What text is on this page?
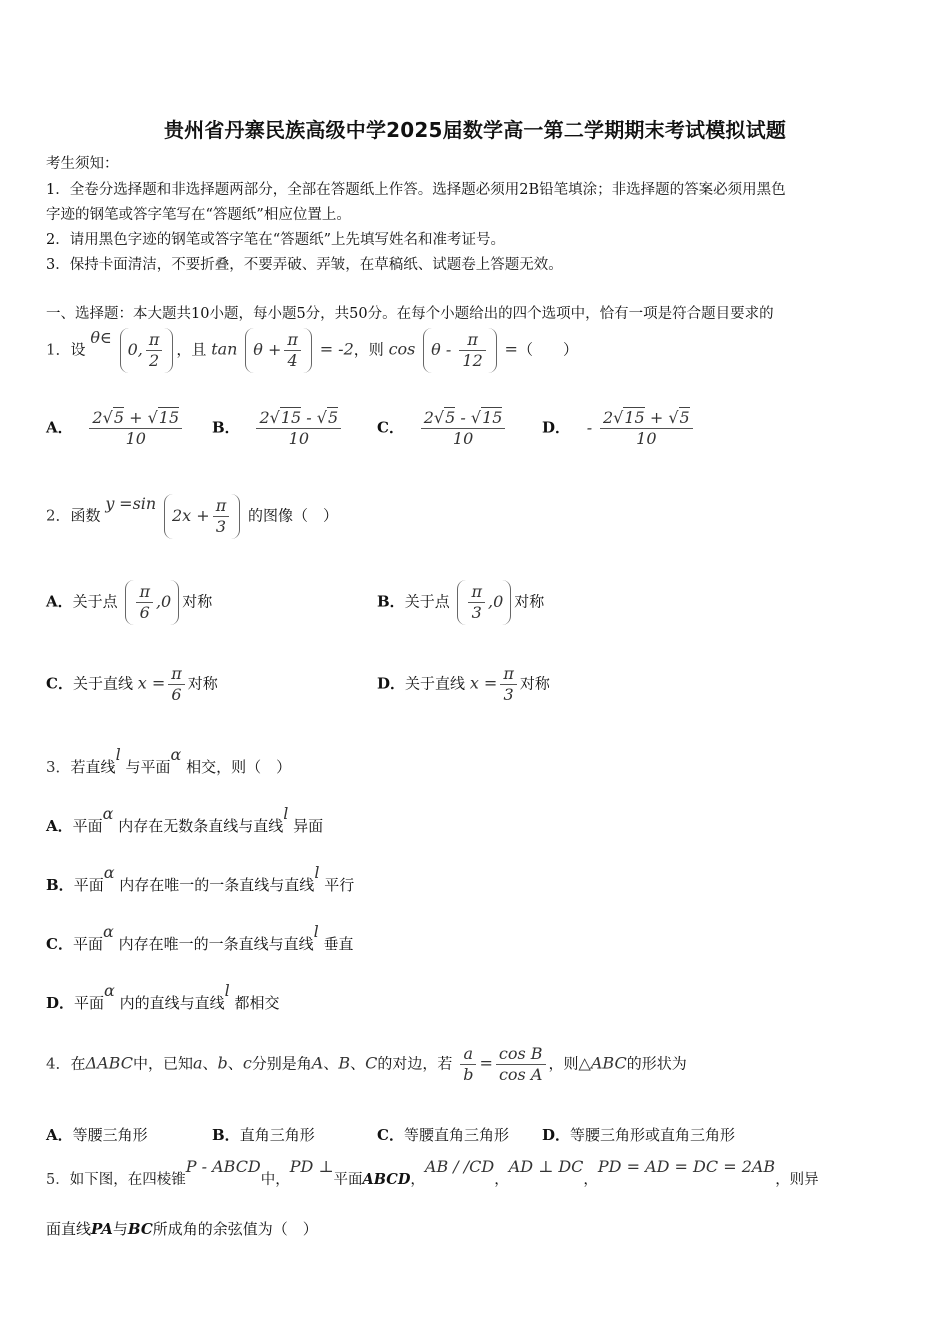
贵州省丹寨民族高级中学2025届数学高一第二学期期末考试模拟试题
考生须知：
1．全卷分选择题和非选择题两部分，全部在答题纸上作答。选择题必须用2B铅笔填涂；非选择题的答案必须用黑色
字迹的钢笔或答字笔写在“答题纸”相应位置上。
2．请用黑色字迹的钢笔或答字笔在“答题纸”上先填写姓名和准考证号。
3．保持卡面清洁，不要折叠，不要弄破、弄皱，在草稿纸、试题卷上答题无效。
一、选择题：本大题共10小题，每小题5分，共50分。在每个小题给出的四个选项中，恰有一项是符合题目要求的
1．设 θ∈ 0, $\frac{\pi}{2}$ ，且 $\tan \theta + \frac{\pi}{4} = -2$，则 cos θ - $\frac{\pi}{12}$ =（　　）
A． $\frac{2 √ 5 + √ 15}{10}$ B． $\frac{2 √ 15 - √ 5}{10}$ C． $\frac{2 √ 5 - √ 15}{10}$ D． - $\frac{2 √ 15 + √ 5}{10}$
2．函数 y =sin $2x + \frac{\pi}{3}$ 的图像（　）
A．关于点 $\frac{\pi}{6} ,0$ 对称	B．关于点 $\frac{\pi}{3} ,0$ 对称
C．关于直线 $x = \frac{\pi}{6}$ 对称	D．关于直线 $x = \frac{\pi}{3}$ 对称
3．若直线l 与平面α 相交，则（　）
A．平面α 内存在无数条直线与直线l 异面
B．平面α 内存在唯一的一条直线与直线l 平行
C．平面α 内存在唯一的一条直线与直线l 垂直
D．平面α 内的直线与直线l 都相交
4．在ΔABC中，已知a、b、c分别是角A、B、C的对边，若 $\frac{a}{b} = \frac{\text{cos B}}{\text{cos A}}$ ，则△ABC的形状为
A．等腰三角形	B．直角三角形	C．等腰直角三角形 D．等腰三角形或直角三角形
5．如下图，在四棱锥P - ABCD中，PD ⊥平面ABCD，AB / /CD，AD ⊥ DC，PD = AD = DC = 2AB，则异
面直线PA与BC所成角的余弦值为（　）
